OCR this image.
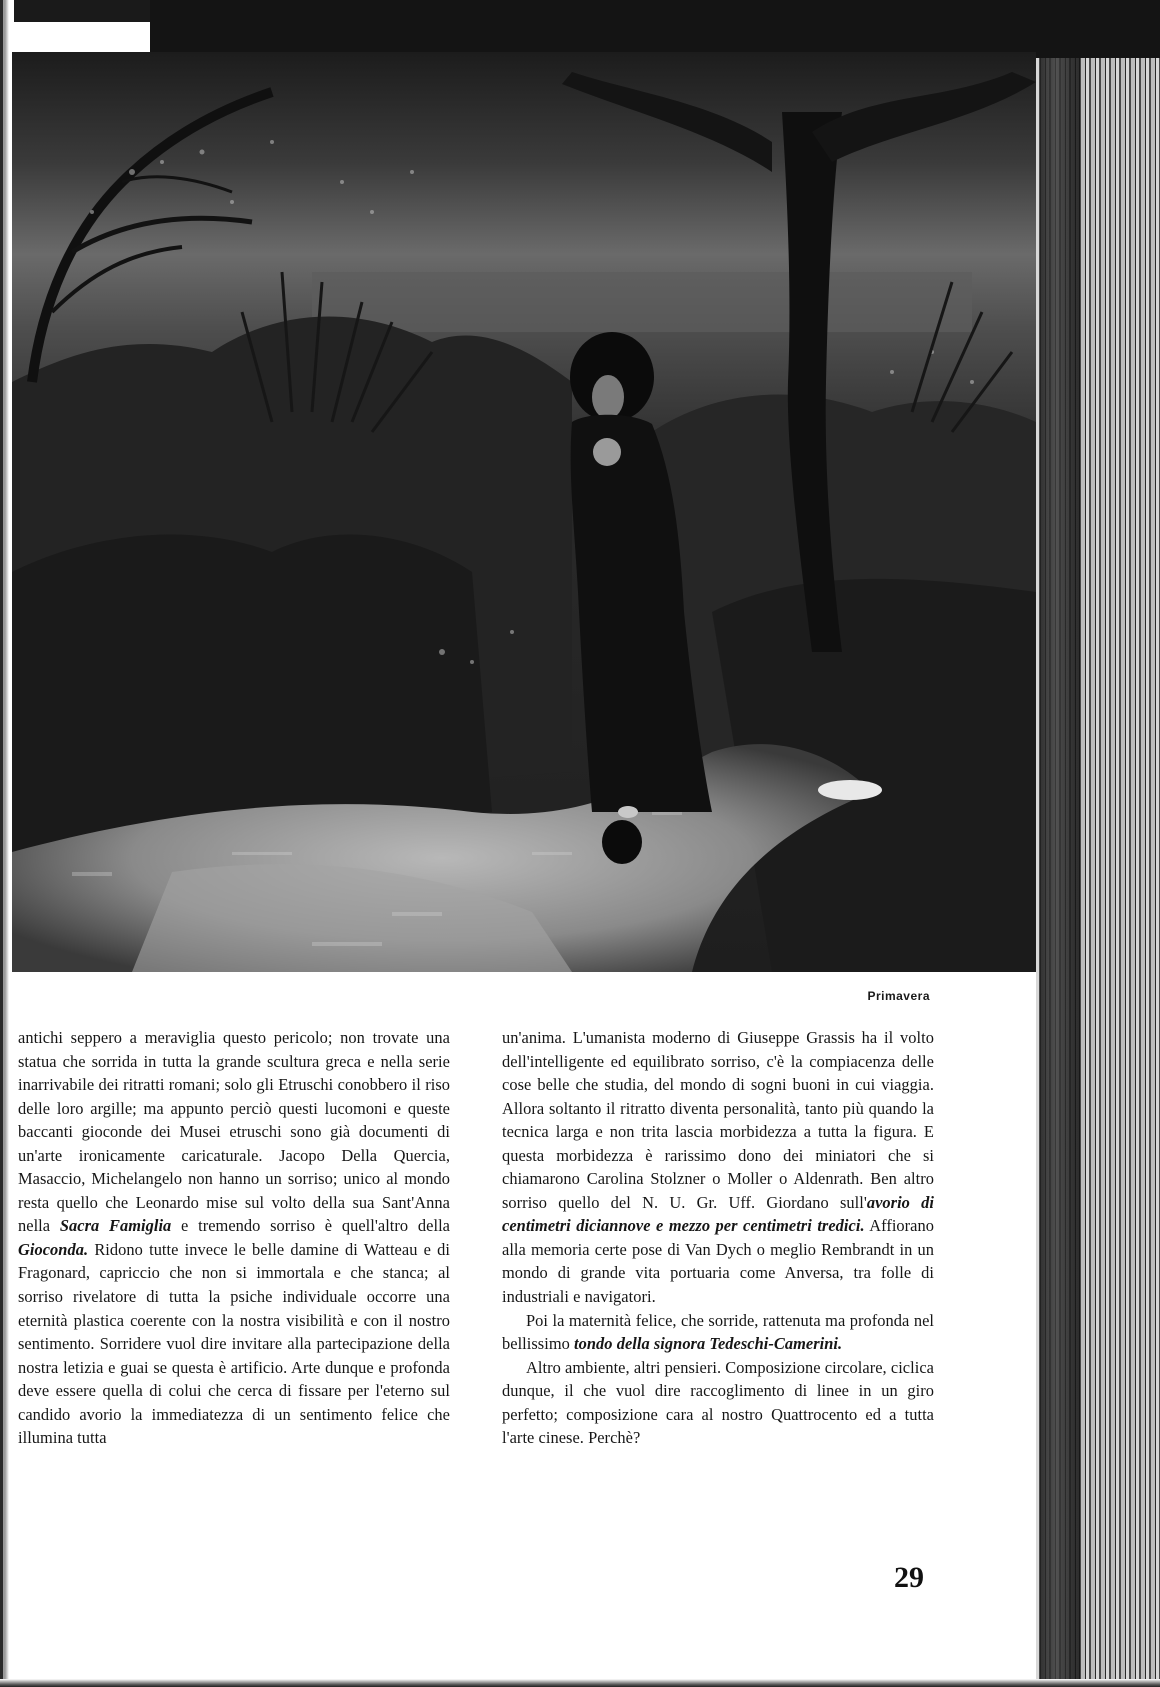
Primavera

antichi seppero a meraviglia questo pericolo; non trovate una statua che sorrida in tutta la grande scultura greca e nella serie inarrivabile dei ritratti romani; solo gli Etruschi conobbero il riso delle loro argille; ma appunto perciò questi lucomoni e queste baccanti gioconde dei Musei etruschi sono già documenti di un'arte ironicamente caricaturale. Jacopo Della Quercia, Masaccio, Michelangelo non hanno un sorriso; unico al mondo resta quello che Leonardo mise sul volto della sua Sant'Anna nella Sacra Famiglia e tremendo sorriso è quell'altro della Gioconda. Ridono tutte invece le belle damine di Watteau e di Fragonard, capriccio che non si immortala e che stanca; al sorriso rivelatore di tutta la psiche individuale occorre una eternità plastica coerente con la nostra visibilità e con il nostro sentimento. Sorridere vuol dire invitare alla partecipazione della nostra letizia e guai se questa è artificio. Arte dunque e profonda deve essere quella di colui che cerca di fissare per l'eterno sul candido avorio la immediatezza di un sentimento felice che illumina tutta

un'anima. L'umanista moderno di Giuseppe Grassis ha il volto dell'intelligente ed equilibrato sorriso, c'è la compiacenza delle cose belle che studia, del mondo di sogni buoni in cui viaggia. Allora soltanto il ritratto diventa personalità, tanto più quando la tecnica larga e non trita lascia morbidezza a tutta la figura. E questa morbidezza è rarissimo dono dei miniatori che si chiamarono Carolina Stolzner o Moller o Aldenrath. Ben altro sorriso quello del N. U. Gr. Uff. Giordano sull'avorio di centimetri diciannove e mezzo per centimetri tredici. Affiorano alla memoria certe pose di Van Dych o meglio Rembrandt in un mondo di grande vita portuaria come Anversa, tra folle di industriali e navigatori.

Poi la maternità felice, che sorride, rattenuta ma profonda nel bellissimo tondo della signora Tedeschi-Camerini.

Altro ambiente, altri pensieri. Composizione circolare, ciclica dunque, il che vuol dire raccoglimento di linee in un giro perfetto; composizione cara al nostro Quattrocento ed a tutta l'arte cinese. Perchè?

29
